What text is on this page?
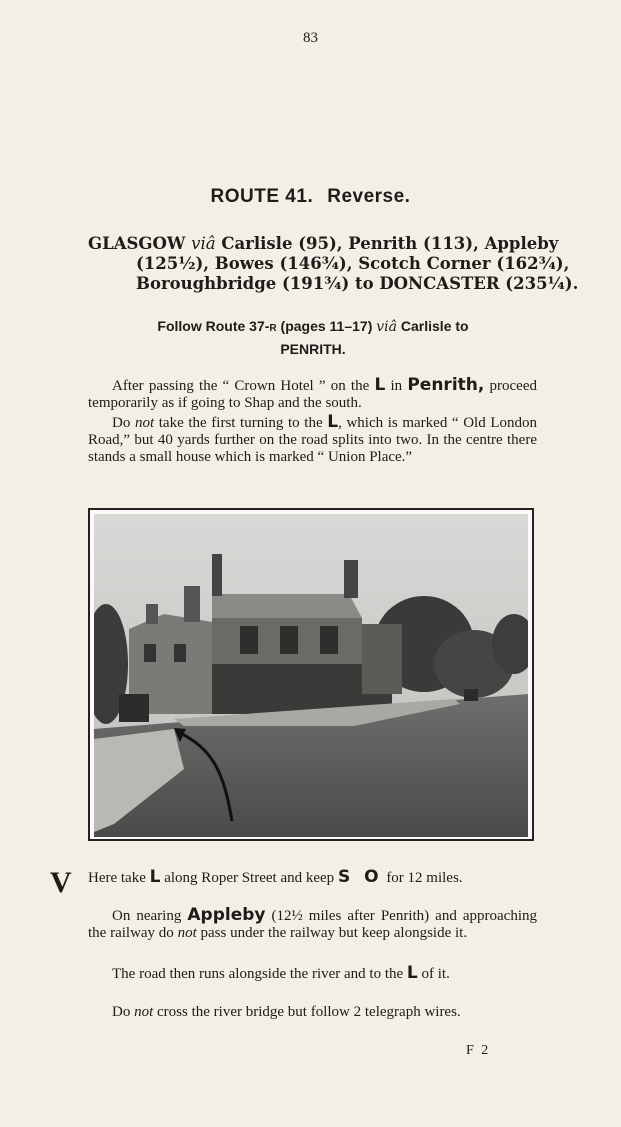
83
ROUTE 41. Reverse.
GLASGOW viâ Carlisle (95), Penrith (113), Appleby
(125½), Bowes (146¾), Scotch Corner (162¾),
Boroughbridge (191¾) to DONCASTER (235¼).
Follow Route 37-R (pages 11–17) viâ Carlisle to
PENRITH.
After passing the “ Crown Hotel ” on the L in Penrith, proceed temporarily as if going to Shap and the south.
Do not take the first turning to the L, which is marked “ Old London Road,” but 40 yards further on the road splits into two. In the centre there stands a small house which is marked “ Union Place.”
V Here take L along Roper Street and keep S O for 12 miles.
On nearing Appleby (12½ miles after Penrith) and approaching the railway do not pass under the railway but keep alongside it.
The road then runs alongside the river and to the L of it.
Do not cross the river bridge but follow 2 telegraph wires.
F 2
